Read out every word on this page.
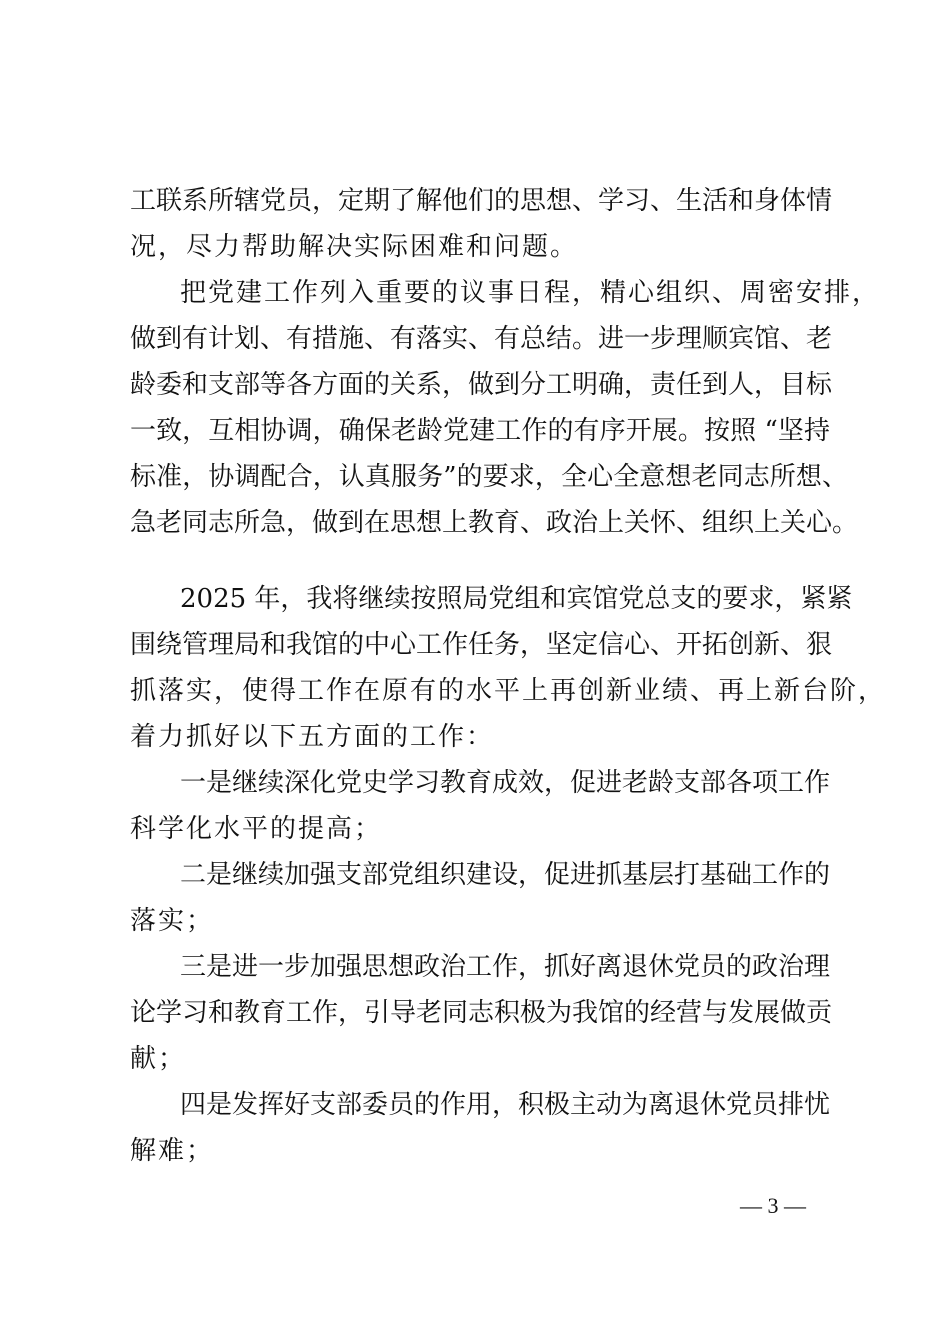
工联系所辖党员，定期了解他们的思想、学习、生活和身体情
况，尽力帮助解决实际困难和问题。
把党建工作列入重要的议事日程，精心组织、周密安排，
做到有计划、有措施、有落实、有总结。进一步理顺宾馆、老
龄委和支部等各方面的关系，做到分工明确，责任到人，目标
一致，互相协调，确保老龄党建工作的有序开展。按照 “坚持
标准，协调配合，认真服务”的要求，全心全意想老同志所想、
急老同志所急，做到在思想上教育、政治上关怀、组织上关心。
2025 年，我将继续按照局党组和宾馆党总支的要求，紧紧
围绕管理局和我馆的中心工作任务，坚定信心、开拓创新、狠
抓落实，使得工作在原有的水平上再创新业绩、再上新台阶，
着力抓好以下五方面的工作：
一是继续深化党史学习教育成效，促进老龄支部各项工作
科学化水平的提高；
二是继续加强支部党组织建设，促进抓基层打基础工作的
落实；
三是进一步加强思想政治工作，抓好离退休党员的政治理
论学习和教育工作，引导老同志积极为我馆的经营与发展做贡
献；
四是发挥好支部委员的作用，积极主动为离退休党员排忧
解难；
— 3 —
